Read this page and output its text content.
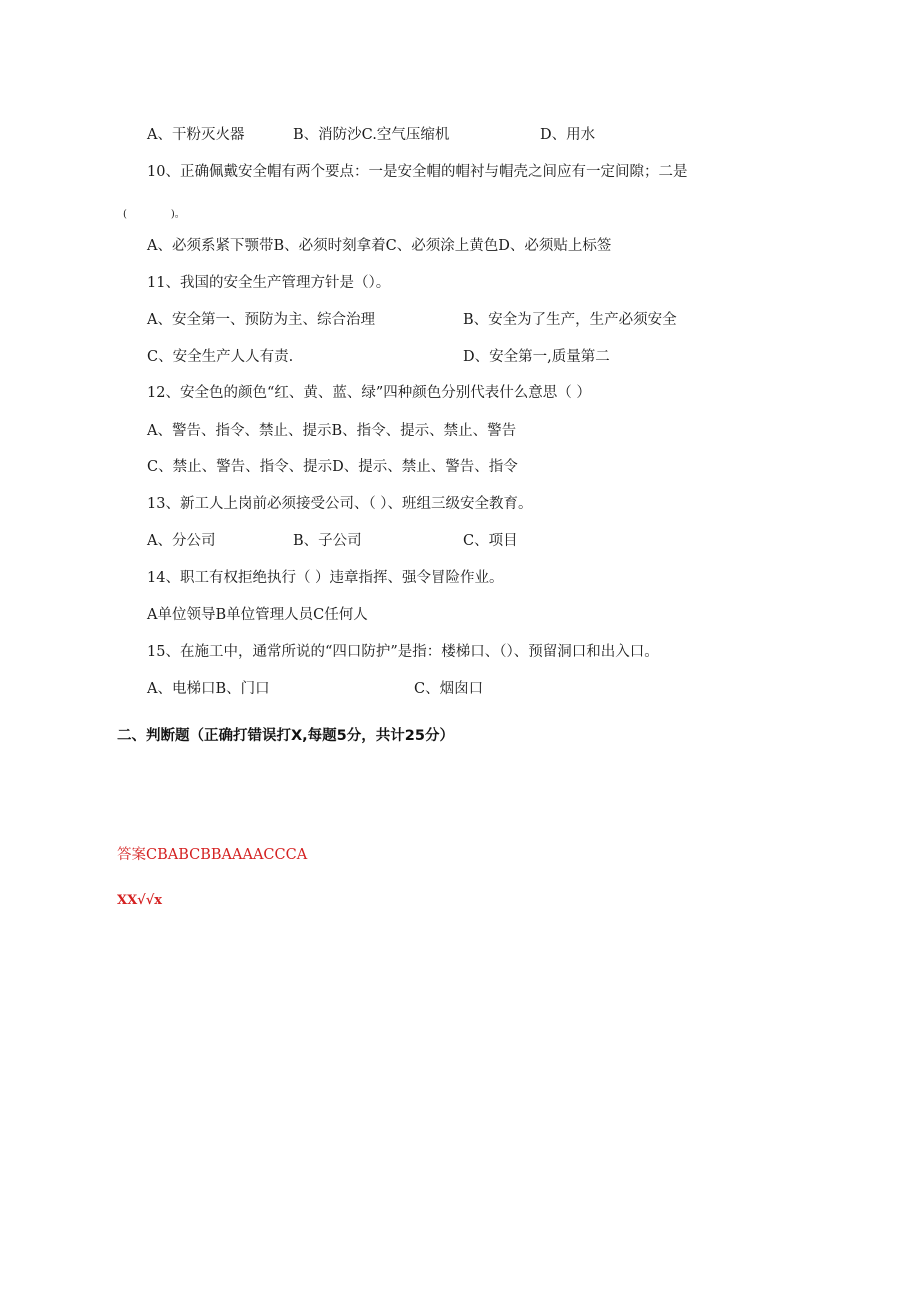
A、干粉灭火器	B、消防沙C.空气压缩机	D、用水
10、正确佩戴安全帽有两个要点：一是安全帽的帽衬与帽壳之间应有一定间隙；二是
(	)。
A、必须系紧下颚带B、必须时刻拿着C、必须涂上黄色D、必须贴上标签
11、我国的安全生产管理方针是（）。
A、安全第一、预防为主、综合治理	B、安全为了生产，生产必须安全
C、安全生产人人有责.	D、安全第一,质量第二
12、安全色的颜色“红、黄、蓝、绿”四种颜色分别代表什么意思（ ）
A、警告、指令、禁止、提示B、指令、提示、禁止、警告
C、禁止、警告、指令、提示D、提示、禁止、警告、指令
13、新工人上岗前必须接受公司、（ ）、班组三级安全教育。
A、分公司	B、子公司	C、项目
14、职工有权拒绝执行（ ）违章指挥、强令冒险作业。
A单位领导B单位管理人员C任何人
15、在施工中，通常所说的“四口防护”是指：楼梯口、（）、预留洞口和出入口。
A、电梯口B、门口	C、烟囱口
二、判断题（正确打错误打X,每题5分，共计25分）
答案CBABCBBAAAACCCA
XX√√x
